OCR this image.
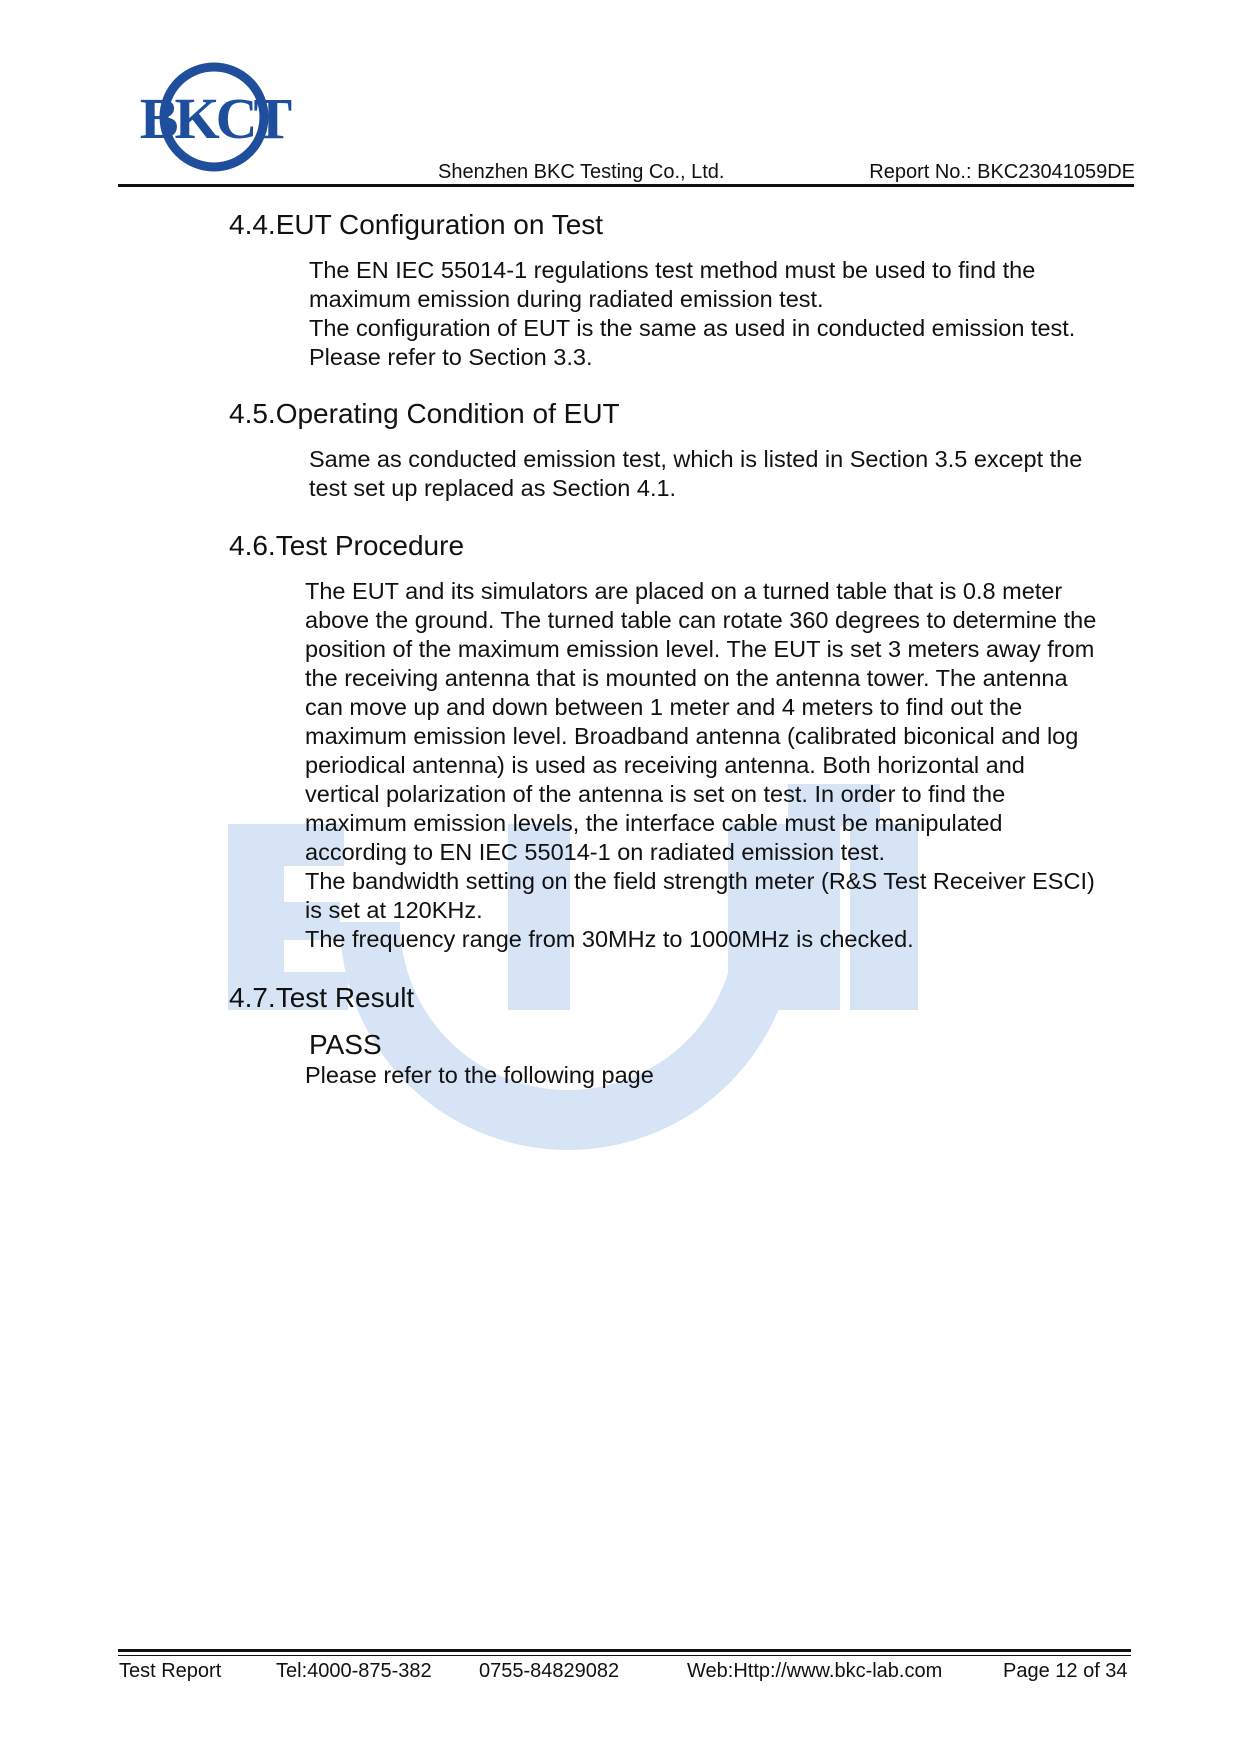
BKCT
Shenzhen BKC Testing Co., Ltd.	Report No.: BKC23041059DE
4.4.EUT Configuration on Test
The EN IEC 55014-1 regulations test method must be used to find the
maximum emission during radiated emission test.
The configuration of EUT is the same as used in conducted emission test.
Please refer to Section 3.3.
4.5.Operating Condition of EUT
Same as conducted emission test, which is listed in Section 3.5 except the
test set up replaced as Section 4.1.
4.6.Test Procedure
The EUT and its simulators are placed on a turned table that is 0.8 meter
above the ground. The turned table can rotate 360 degrees to determine the
position of the maximum emission level. The EUT is set 3 meters away from
the receiving antenna that is mounted on the antenna tower. The antenna
can move up and down between 1 meter and 4 meters to find out the
maximum emission level. Broadband antenna (calibrated biconical and log
periodical antenna) is used as receiving antenna. Both horizontal and
vertical polarization of the antenna is set on test. In order to find the
maximum emission levels, the interface cable must be manipulated
according to EN IEC 55014-1 on radiated emission test.
The bandwidth setting on the field strength meter (R&S Test Receiver ESCI)
is set at 120KHz.
The frequency range from 30MHz to 1000MHz is checked.
4.7.Test Result
PASS
Please refer to the following page
Test Report	Tel:4000-875-382 0755-84829082	Web:Http://www.bkc-lab.com	Page 12 of 34
